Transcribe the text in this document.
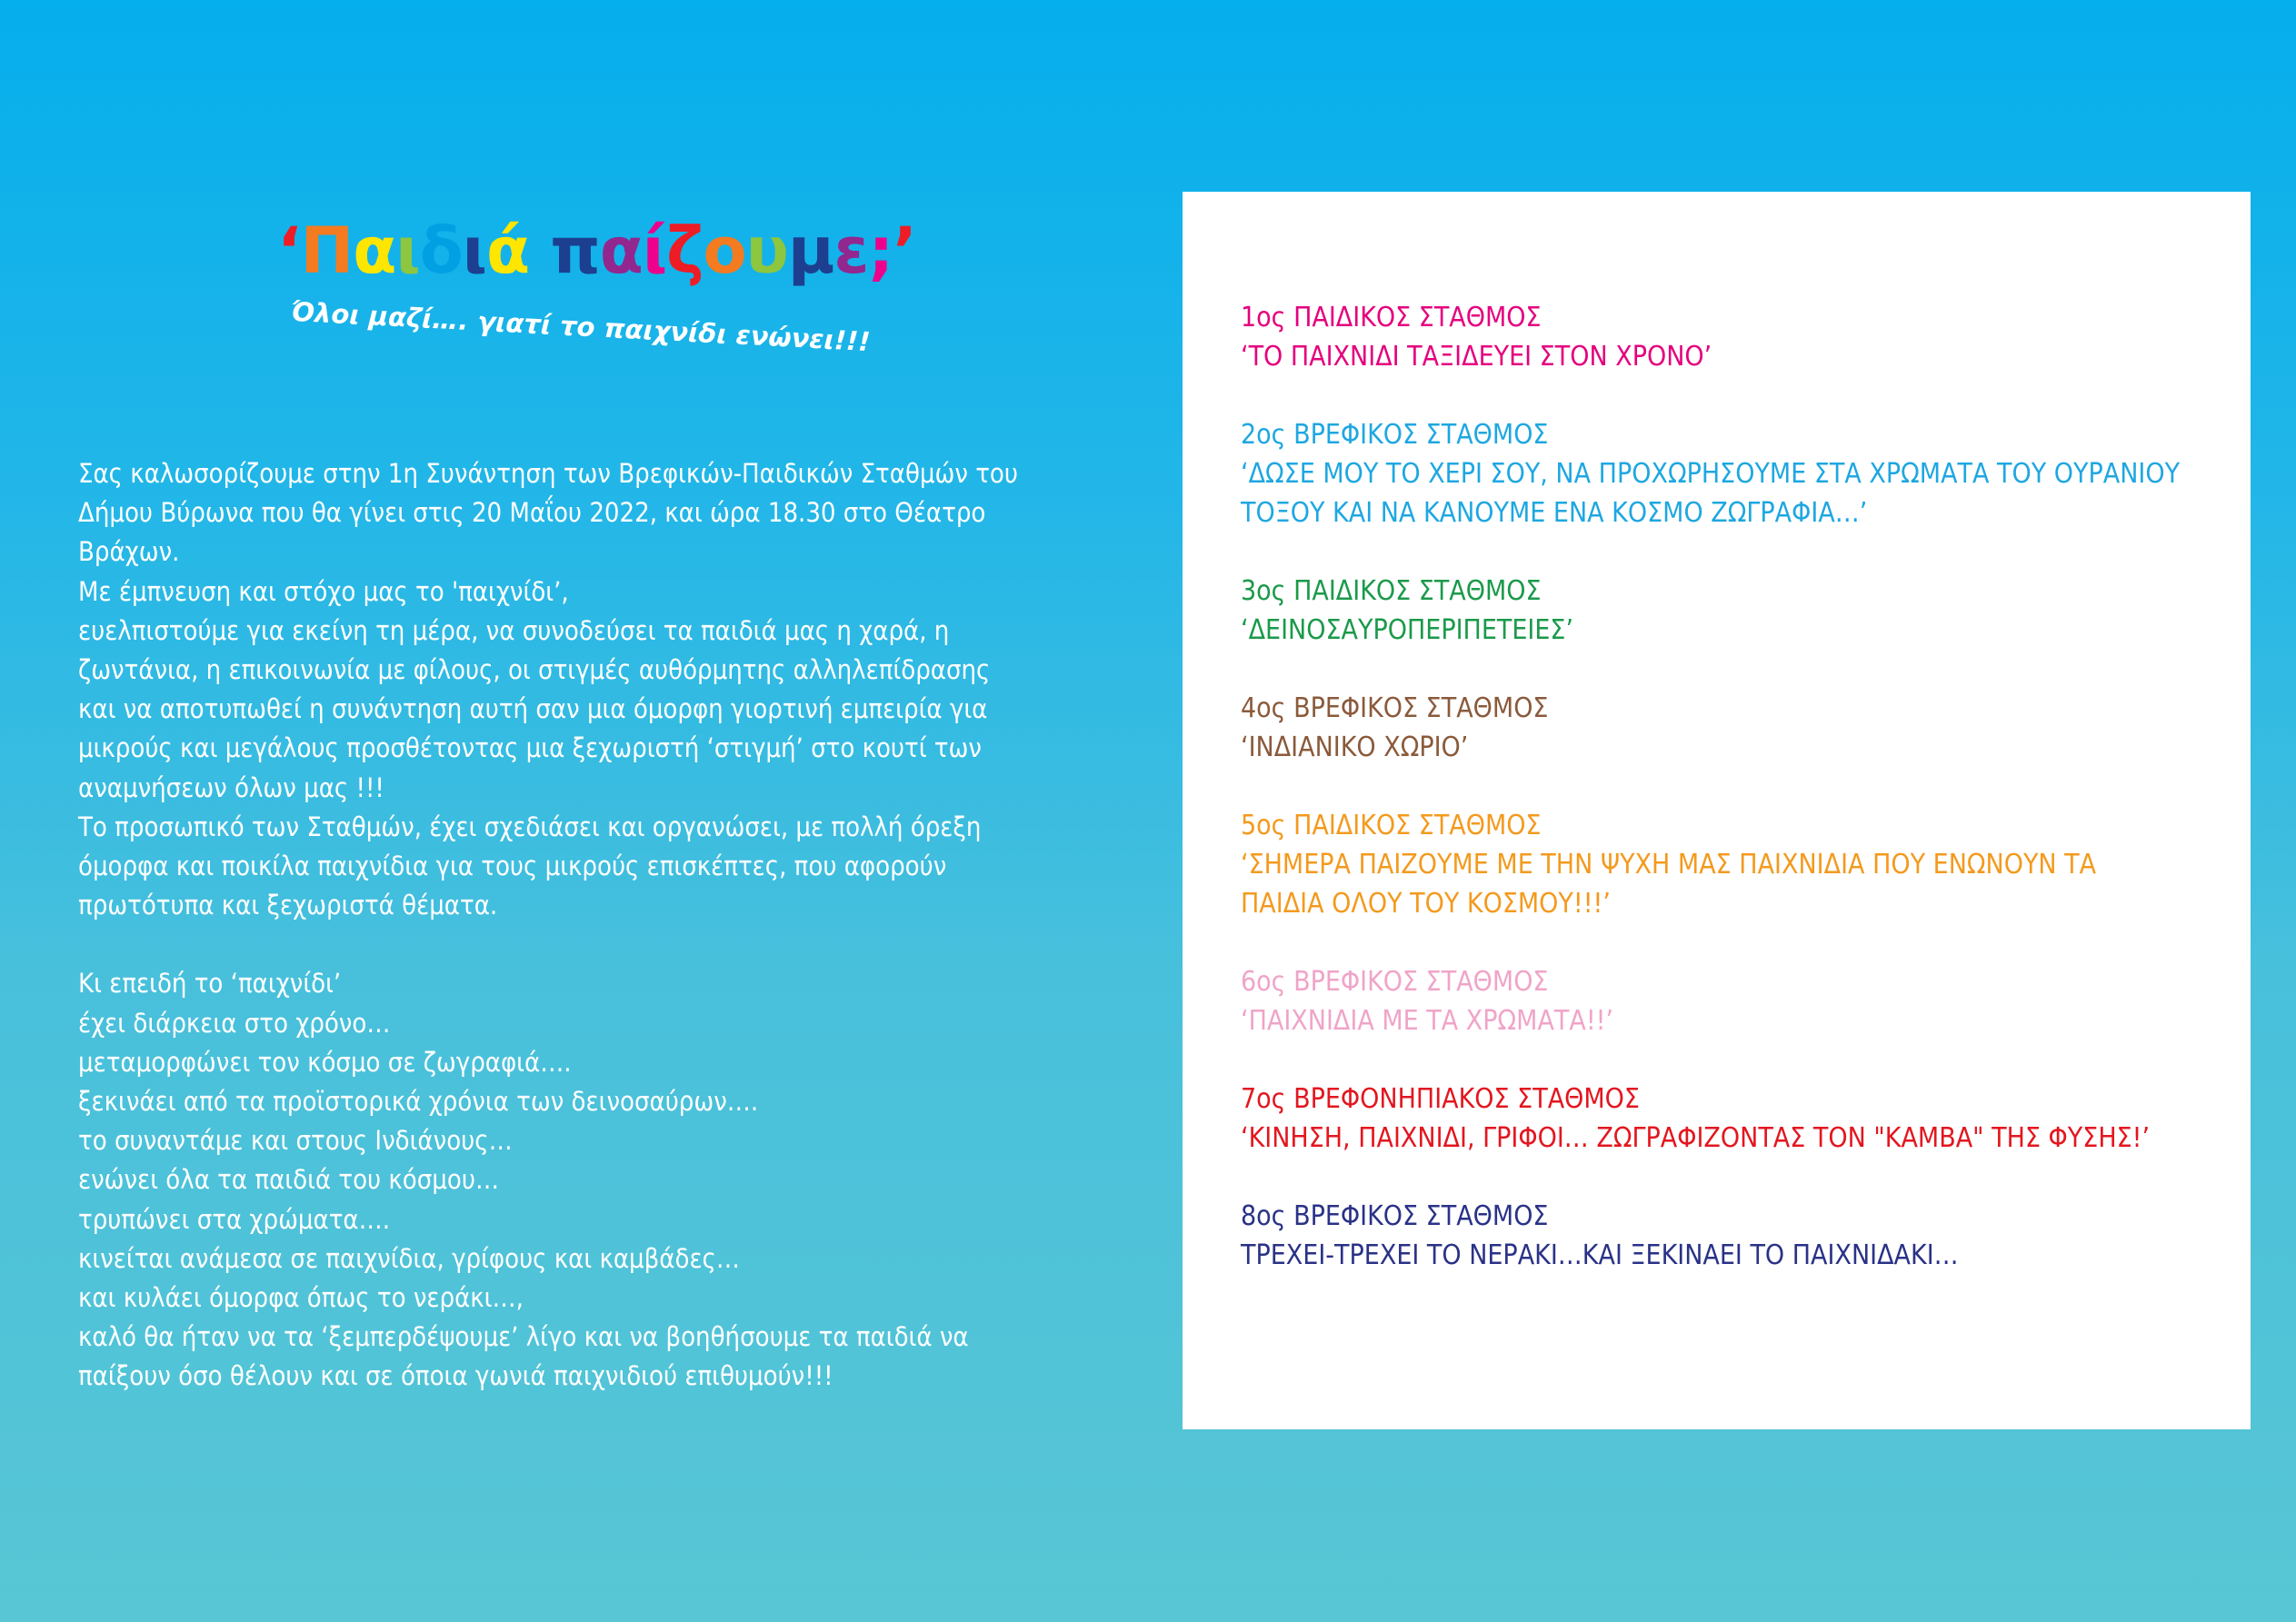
‘Παιδιά παίζουμε;’
Όλοι μαζί…. γιατί το παιχνίδι ενώνει!!!
Σας καλωσορίζουμε στην 1η Συνάντηση των Βρεφικών-Παιδικών Σταθμών του
Δήμου Βύρωνα που θα γίνει στις 20 Μαΐου 2022, και ώρα 18.30 στο Θέατρο
Βράχων.
Με έμπνευση και στόχο μας το 'παιχνίδι’,
ευελπιστούμε για εκείνη τη μέρα, να συνοδεύσει τα παιδιά μας η χαρά, η
ζωντάνια, η επικοινωνία με φίλους, οι στιγμές αυθόρμητης αλληλεπίδρασης
και να αποτυπωθεί η συνάντηση αυτή σαν μια όμορφη γιορτινή εμπειρία για
μικρούς και μεγάλους προσθέτοντας μια ξεχωριστή ‘στιγμή’ στο κουτί των
αναμνήσεων όλων μας !!!
Το προσωπικό των Σταθμών, έχει σχεδιάσει και οργανώσει, με πολλή όρεξη
όμορφα και ποικίλα παιχνίδια για τους μικρούς επισκέπτες, που αφορούν
πρωτότυπα και ξεχωριστά θέματα.
Κι επειδή το ‘παιχνίδι’
έχει διάρκεια στο χρόνο…
μεταμορφώνει τον κόσμο σε ζωγραφιά….
ξεκινάει από τα προϊστορικά χρόνια των δεινοσαύρων….
το συναντάμε και στους Ινδιάνους…
ενώνει όλα τα παιδιά του κόσμου…
τρυπώνει στα χρώματα….
κινείται ανάμεσα σε παιχνίδια, γρίφους και καμβάδες…
και κυλάει όμορφα όπως το νεράκι…,
καλό θα ήταν να τα ‘ξεμπερδέψουμε’ λίγο και να βοηθήσουμε τα παιδιά να
παίξουν όσο θέλουν και σε όποια γωνιά παιχνιδιού επιθυμούν!!!
1ος ΠΑΙΔΙΚΟΣ ΣΤΑΘΜΟΣ
‘ΤΟ ΠΑΙΧΝΙΔΙ ΤΑΞΙΔΕΥΕΙ ΣΤΟΝ ΧΡΟΝΟ’
2ος ΒΡΕΦΙΚΟΣ ΣΤΑΘΜΟΣ
‘ΔΩΣΕ ΜΟΥ ΤΟ ΧΕΡΙ ΣΟΥ, ΝΑ ΠΡΟΧΩΡΗΣΟΥΜΕ ΣΤΑ ΧΡΩΜΑΤΑ ΤΟΥ ΟΥΡΑΝΙΟΥ
ΤΟΞΟΥ ΚΑΙ ΝΑ ΚΑΝΟΥΜΕ ΕΝΑ ΚΟΣΜΟ ΖΩΓΡΑΦΙΑ…’
3ος ΠΑΙΔΙΚΟΣ ΣΤΑΘΜΟΣ
‘ΔΕΙΝΟΣΑΥΡΟΠΕΡΙΠΕΤΕΙΕΣ’
4ος ΒΡΕΦΙΚΟΣ ΣΤΑΘΜΟΣ
‘ΙΝΔΙΑΝΙΚΟ ΧΩΡΙΟ’
5ος ΠΑΙΔΙΚΟΣ ΣΤΑΘΜΟΣ
‘ΣΗΜΕΡΑ ΠΑΙΖΟΥΜΕ ΜΕ ΤΗΝ ΨΥΧΗ ΜΑΣ ΠΑΙΧΝΙΔΙΑ ΠΟΥ ΕΝΩΝΟΥΝ ΤΑ
ΠΑΙΔΙΑ ΟΛΟΥ ΤΟΥ ΚΟΣΜΟΥ!!!’
6ος ΒΡΕΦΙΚΟΣ ΣΤΑΘΜΟΣ
‘ΠΑΙΧΝΙΔΙΑ ΜΕ ΤΑ ΧΡΩΜΑΤΑ!!’
7ος ΒΡΕΦΟΝΗΠΙΑΚΟΣ ΣΤΑΘΜΟΣ
‘ΚΙΝΗΣΗ, ΠΑΙΧΝΙΔΙ, ΓΡΙΦΟΙ… ΖΩΓΡΑΦΙΖΟΝΤΑΣ ΤΟΝ "ΚΑΜΒΑ" ΤΗΣ ΦΥΣΗΣ!’
8ος ΒΡΕΦΙΚΟΣ ΣΤΑΘΜΟΣ
ΤΡΕΧΕΙ-ΤΡΕΧΕΙ ΤΟ ΝΕΡΑΚΙ…ΚΑΙ ΞΕΚΙΝΑΕΙ ΤΟ ΠΑΙΧΝΙΔΑΚΙ…
